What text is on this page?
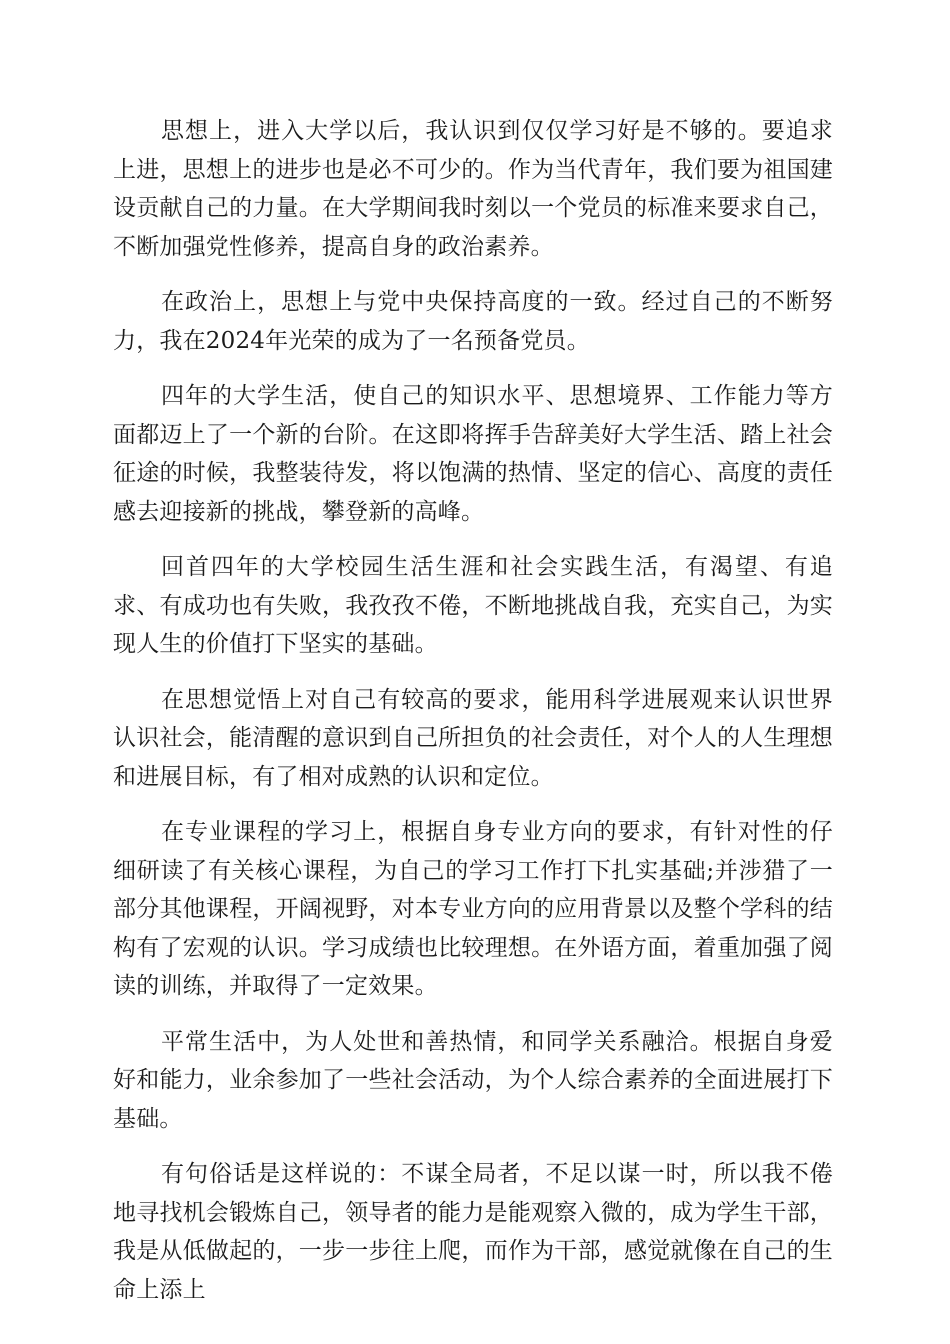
思想上，进入大学以后，我认识到仅仅学习好是不够的。要追求上进，思想上的进步也是必不可少的。作为当代青年，我们要为祖国建设贡献自己的力量。在大学期间我时刻以一个党员的标准来要求自己，不断加强党性修养，提高自身的政治素养。

在政治上，思想上与党中央保持高度的一致。经过自己的不断努力，我在2024年光荣的成为了一名预备党员。

四年的大学生活，使自己的知识水平、思想境界、工作能力等方面都迈上了一个新的台阶。在这即将挥手告辞美好大学生活、踏上社会征途的时候，我整装待发，将以饱满的热情、坚定的信心、高度的责任感去迎接新的挑战，攀登新的高峰。

回首四年的大学校园生活生涯和社会实践生活，有渴望、有追求、有成功也有失败，我孜孜不倦，不断地挑战自我，充实自己，为实现人生的价值打下坚实的基础。

在思想觉悟上对自己有较高的要求，能用科学进展观来认识世界认识社会，能清醒的意识到自己所担负的社会责任，对个人的人生理想和进展目标，有了相对成熟的认识和定位。

在专业课程的学习上，根据自身专业方向的要求，有针对性的仔细研读了有关核心课程，为自己的学习工作打下扎实基础;并涉猎了一部分其他课程，开阔视野，对本专业方向的应用背景以及整个学科的结构有了宏观的认识。学习成绩也比较理想。在外语方面，着重加强了阅读的训练，并取得了一定效果。

平常生活中，为人处世和善热情，和同学关系融洽。根据自身爱好和能力，业余参加了一些社会活动，为个人综合素养的全面进展打下基础。

有句俗话是这样说的：不谋全局者，不足以谋一时，所以我不倦地寻找机会锻炼自己，领导者的能力是能观察入微的，成为学生干部，我是从低做起的，一步一步往上爬，而作为干部，感觉就像在自己的生命上添上
